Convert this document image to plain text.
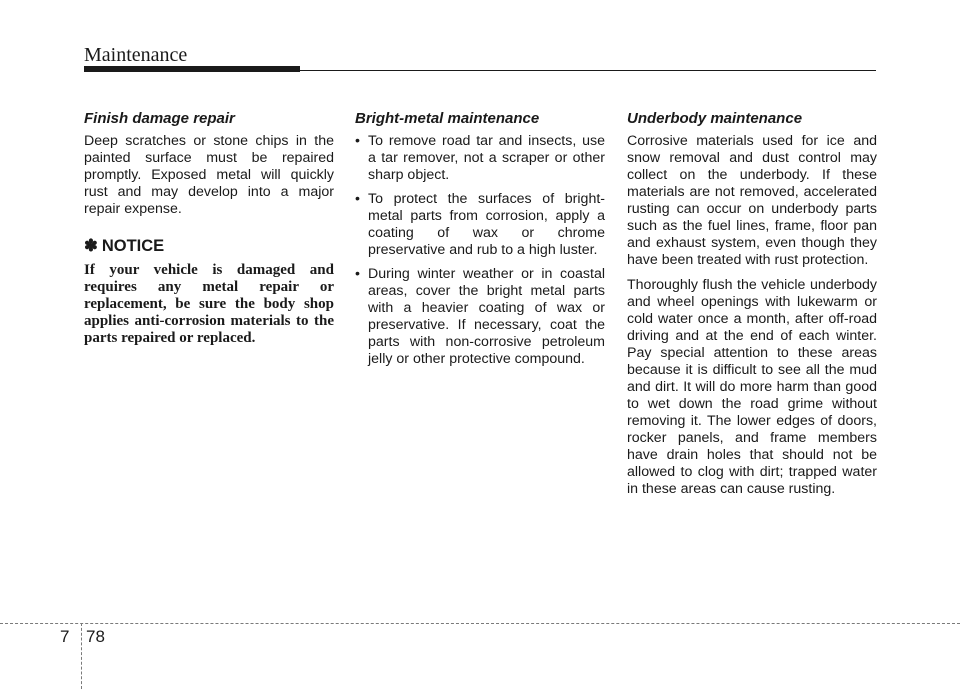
Maintenance
Finish damage repair

Deep scratches or stone chips in the painted surface must be repaired promptly. Exposed metal will quickly rust and may develop into a major repair expense.

✽ NOTICE

If your vehicle is damaged and requires any metal repair or replacement, be sure the body shop applies anti-corrosion materials to the parts repaired or replaced.

Bright-metal maintenance
• To remove road tar and insects, use a tar remover, not a scraper or other sharp object.
• To protect the surfaces of bright-metal parts from corrosion, apply a coating of wax or chrome preservative and rub to a high luster.
• During winter weather or in coastal areas, cover the bright metal parts with a heavier coating of wax or preservative. If necessary, coat the parts with non-corrosive petroleum jelly or other protective compound.
Underbody maintenance

Corrosive materials used for ice and snow removal and dust control may collect on the underbody. If these materials are not removed, accelerated rusting can occur on underbody parts such as the fuel lines, frame, floor pan and exhaust system, even though they have been treated with rust protection.

Thoroughly flush the vehicle underbody and wheel openings with lukewarm or cold water once a month, after off-road driving and at the end of each winter. Pay special attention to these areas because it is difficult to see all the mud and dirt. It will do more harm than good to wet down the road grime without removing it. The lower edges of doors, rocker panels, and frame members have drain holes that should not be allowed to clog with dirt; trapped water in these areas can cause rusting.

7 78
